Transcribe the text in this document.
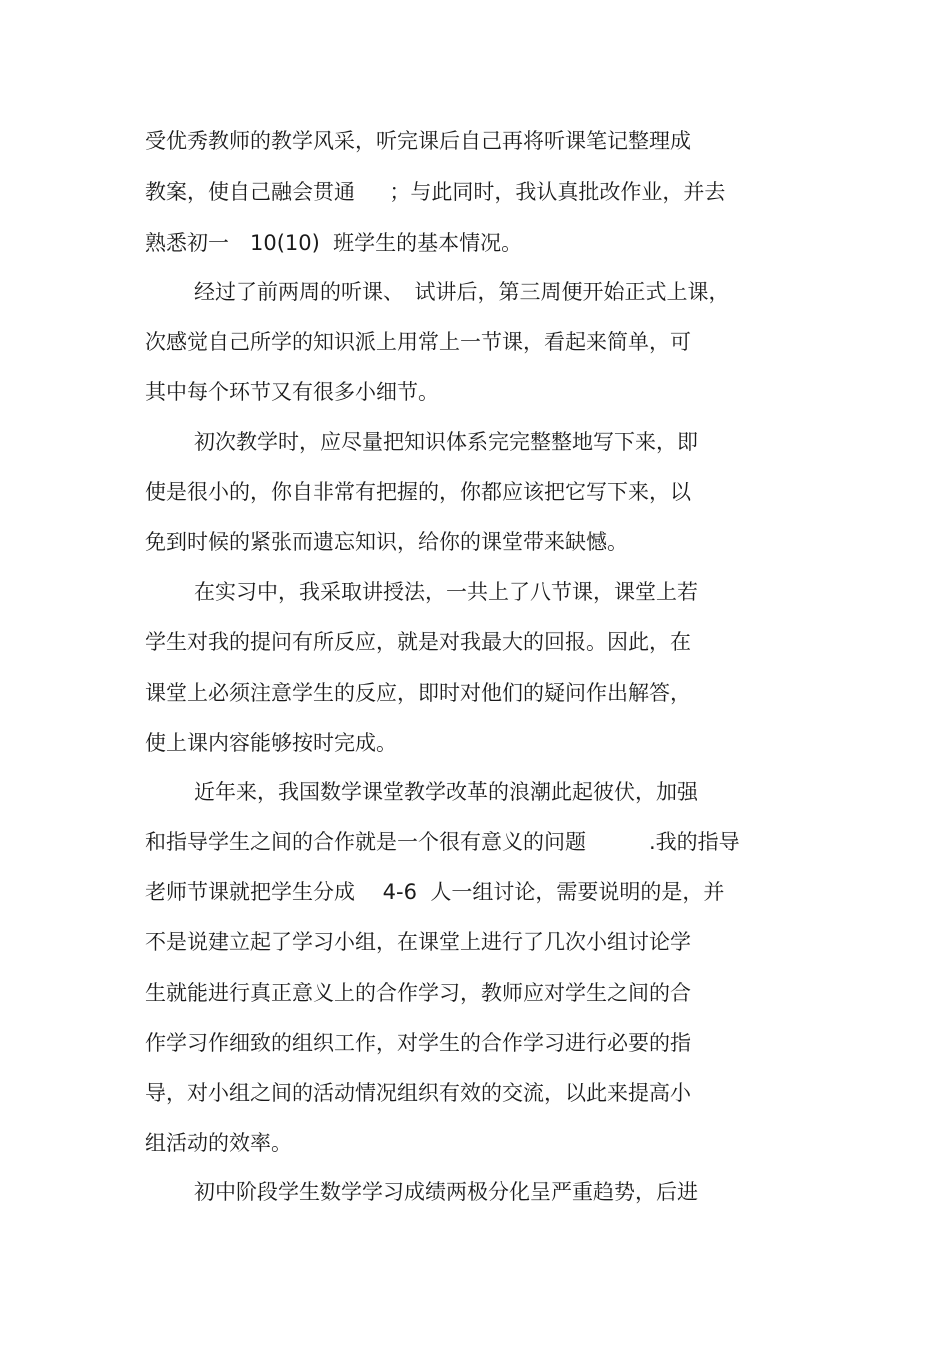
受优秀教师的教学风采，听完课后自己再将听课笔记整理成
教案，使自己融会贯通　  ；与此同时，我认真批改作业，并去
熟悉初一　10(10)  班学生的基本情况。
经过了前两周的听课、　试讲后，第三周便开始正式上课，
次感觉自己所学的知识派上用常上一节课，看起来简单，可
其中每个环节又有很多小细节。
初次教学时，应尽量把知识体系完完整整地写下来，即
使是很小的，你自非常有把握的，你都应该把它写下来，以
免到时候的紧张而遗忘知识，给你的课堂带来缺憾。
在实习中，我采取讲授法，一共上了八节课，课堂上若
学生对我的提问有所反应，就是对我最大的回报。因此，在
课堂上必须注意学生的反应，即时对他们的疑问作出解答，
使上课内容能够按时完成。
近年来，我国数学课堂教学改革的浪潮此起彼伏，加强
和指导学生之间的合作就是一个很有意义的问题　　　.我的指导
老师节课就把学生分成　 4-6  人一组讨论，需要说明的是，并
不是说建立起了学习小组，在课堂上进行了几次小组讨论学
生就能进行真正意义上的合作学习，教师应对学生之间的合
作学习作细致的组织工作，对学生的合作学习进行必要的指
导，对小组之间的活动情况组织有效的交流，以此来提高小
组活动的效率。
初中阶段学生数学学习成绩两极分化呈严重趋势，后进
